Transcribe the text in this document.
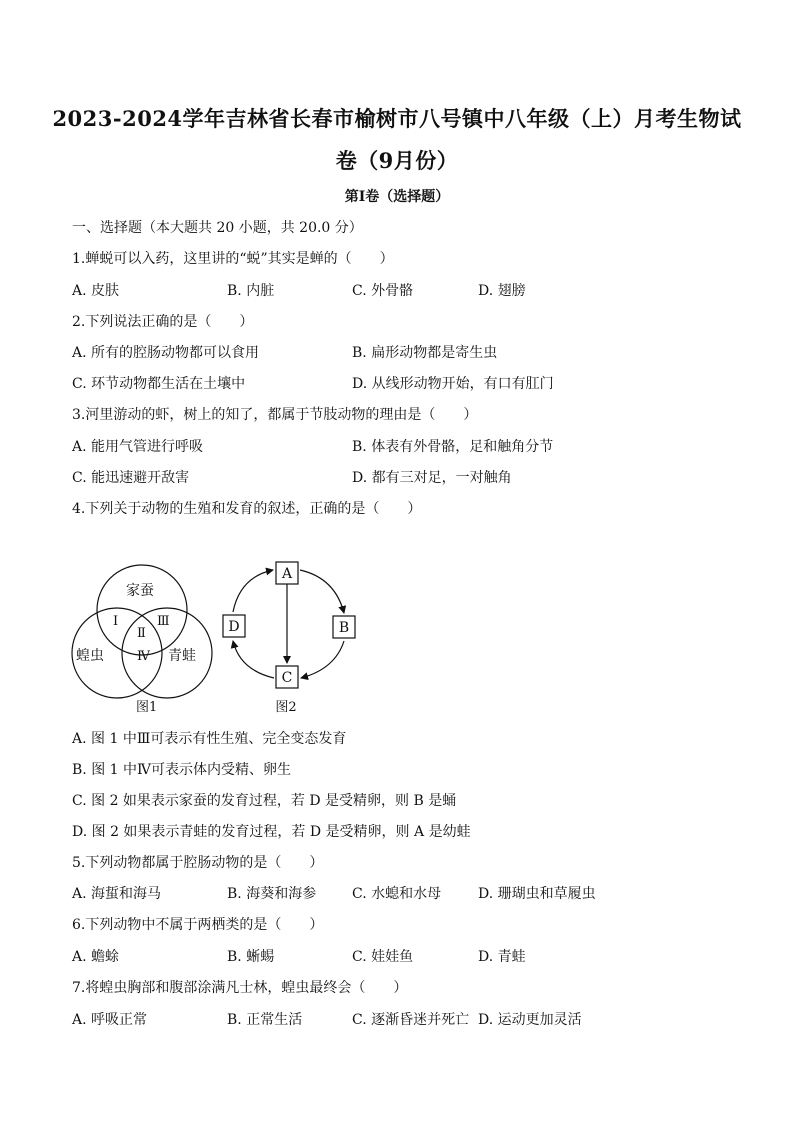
2023-2024学年吉林省长春市榆树市八号镇中八年级（上）月考生物试
卷（9月份）
第I卷（选择题）
一、选择题（本大题共 20 小题，共 20.0 分）
1.蝉蜕可以入药，这里讲的“蜕”其实是蝉的（　　）
A. 皮肤	B. 内脏	C. 外骨骼	D. 翅膀
2.下列说法正确的是（　　）
A. 所有的腔肠动物都可以食用	B. 扁形动物都是寄生虫
C. 环节动物都生活在土壤中	D. 从线形动物开始，有口有肛门
3.河里游动的虾，树上的知了，都属于节肢动物的理由是（　　）
A. 能用气管进行呼吸	B. 体表有外骨骼，足和触角分节
C. 能迅速避开敌害	D. 都有三对足，一对触角
4.下列关于动物的生殖和发育的叙述，正确的是（　　）
家蚕
蝗虫	青蛙
Ⅰ
Ⅱ
Ⅲ
Ⅳ
图1
A
B
C
D
图2
A. 图 1 中Ⅲ可表示有性生殖、完全变态发育
B. 图 1 中Ⅳ可表示体内受精、卵生
C. 图 2 如果表示家蚕的发育过程，若 D 是受精卵，则 B 是蛹
D. 图 2 如果表示青蛙的发育过程，若 D 是受精卵，则 A 是幼蛙
5.下列动物都属于腔肠动物的是（　　）
A. 海蜇和海马	B. 海葵和海参	C. 水螅和水母	D. 珊瑚虫和草履虫
6.下列动物中不属于两栖类的是（　　）
A. 蟾蜍	B. 蜥蜴	C. 娃娃鱼	D. 青蛙
7.将蝗虫胸部和腹部涂满凡士林，蝗虫最终会（　　）
A. 呼吸正常	B. 正常生活	C. 逐渐昏迷并死亡 D. 运动更加灵活
